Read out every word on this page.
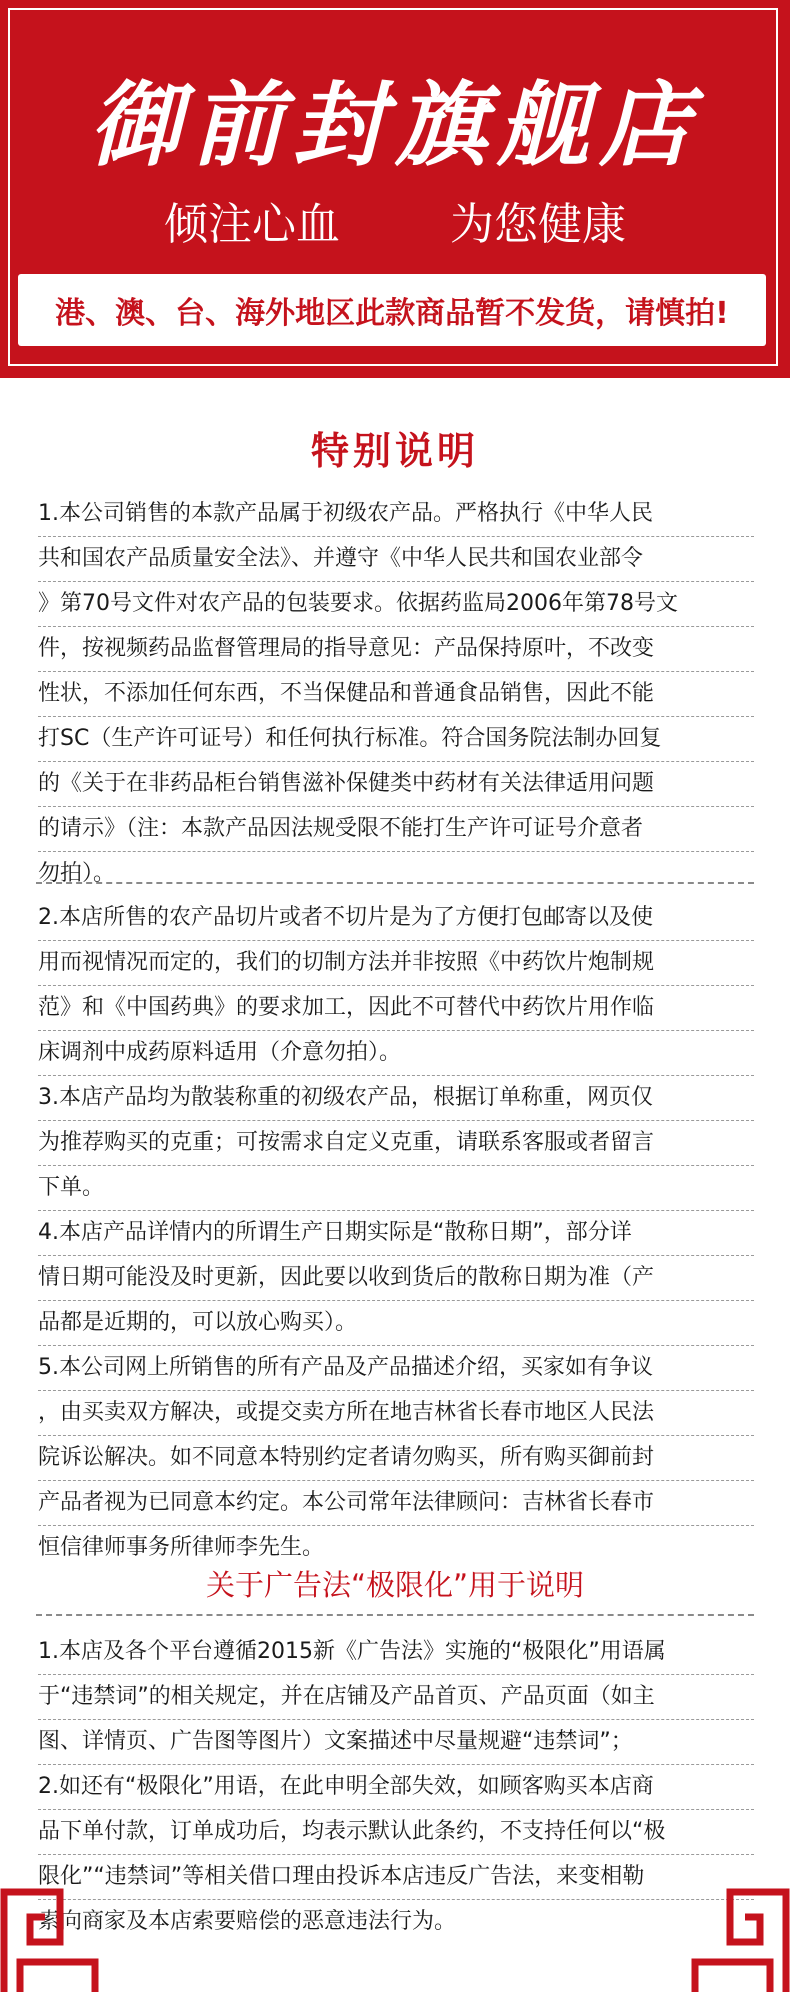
御前封旗舰店
倾注心血	为您健康
港、澳、台、海外地区此款商品暂不发货，请慎拍!
特别说明
1.本公司销售的本款产品属于初级农产品。严格执行《中华人民
共和国农产品质量安全法》、并遵守《中华人民共和国农业部令
》第70号文件对农产品的包装要求。依据药监局2006年第78号文
件，按视频药品监督管理局的指导意见：产品保持原叶，不改变
性状，不添加任何东西，不当保健品和普通食品销售，因此不能
打SC（生产许可证号）和任何执行标准。符合国务院法制办回复
的《关于在非药品柜台销售滋补保健类中药材有关法律适用问题
的请示》（注：本款产品因法规受限不能打生产许可证号介意者
勿拍）。
2.本店所售的农产品切片或者不切片是为了方便打包邮寄以及使
用而视情况而定的，我们的切制方法并非按照《中药饮片炮制规
范》和《中国药典》的要求加工，因此不可替代中药饮片用作临
床调剂中成药原料适用（介意勿拍）。
3.本店产品均为散装称重的初级农产品，根据订单称重，网页仅
为推荐购买的克重；可按需求自定义克重，请联系客服或者留言
下单。
4.本店产品详情内的所谓生产日期实际是“散称日期”，部分详
情日期可能没及时更新，因此要以收到货后的散称日期为准（产
品都是近期的，可以放心购买）。
5.本公司网上所销售的所有产品及产品描述介绍，买家如有争议
，由买卖双方解决，或提交卖方所在地吉林省长春市地区人民法
院诉讼解决。如不同意本特别约定者请勿购买，所有购买御前封
产品者视为已同意本约定。本公司常年法律顾问：吉林省长春市
恒信律师事务所律师李先生。
关于广告法“极限化”用于说明
1.本店及各个平台遵循2015新《广告法》实施的“极限化”用语属
于“违禁词”的相关规定，并在店铺及产品首页、产品页面（如主
图、详情页、广告图等图片）文案描述中尽量规避“违禁词”；
2.如还有“极限化”用语，在此申明全部失效，如顾客购买本店商
品下单付款，订单成功后，均表示默认此条约，不支持任何以“极
限化”“违禁词”等相关借口理由投诉本店违反广告法，来变相勒
索向商家及本店索要赔偿的恶意违法行为。
